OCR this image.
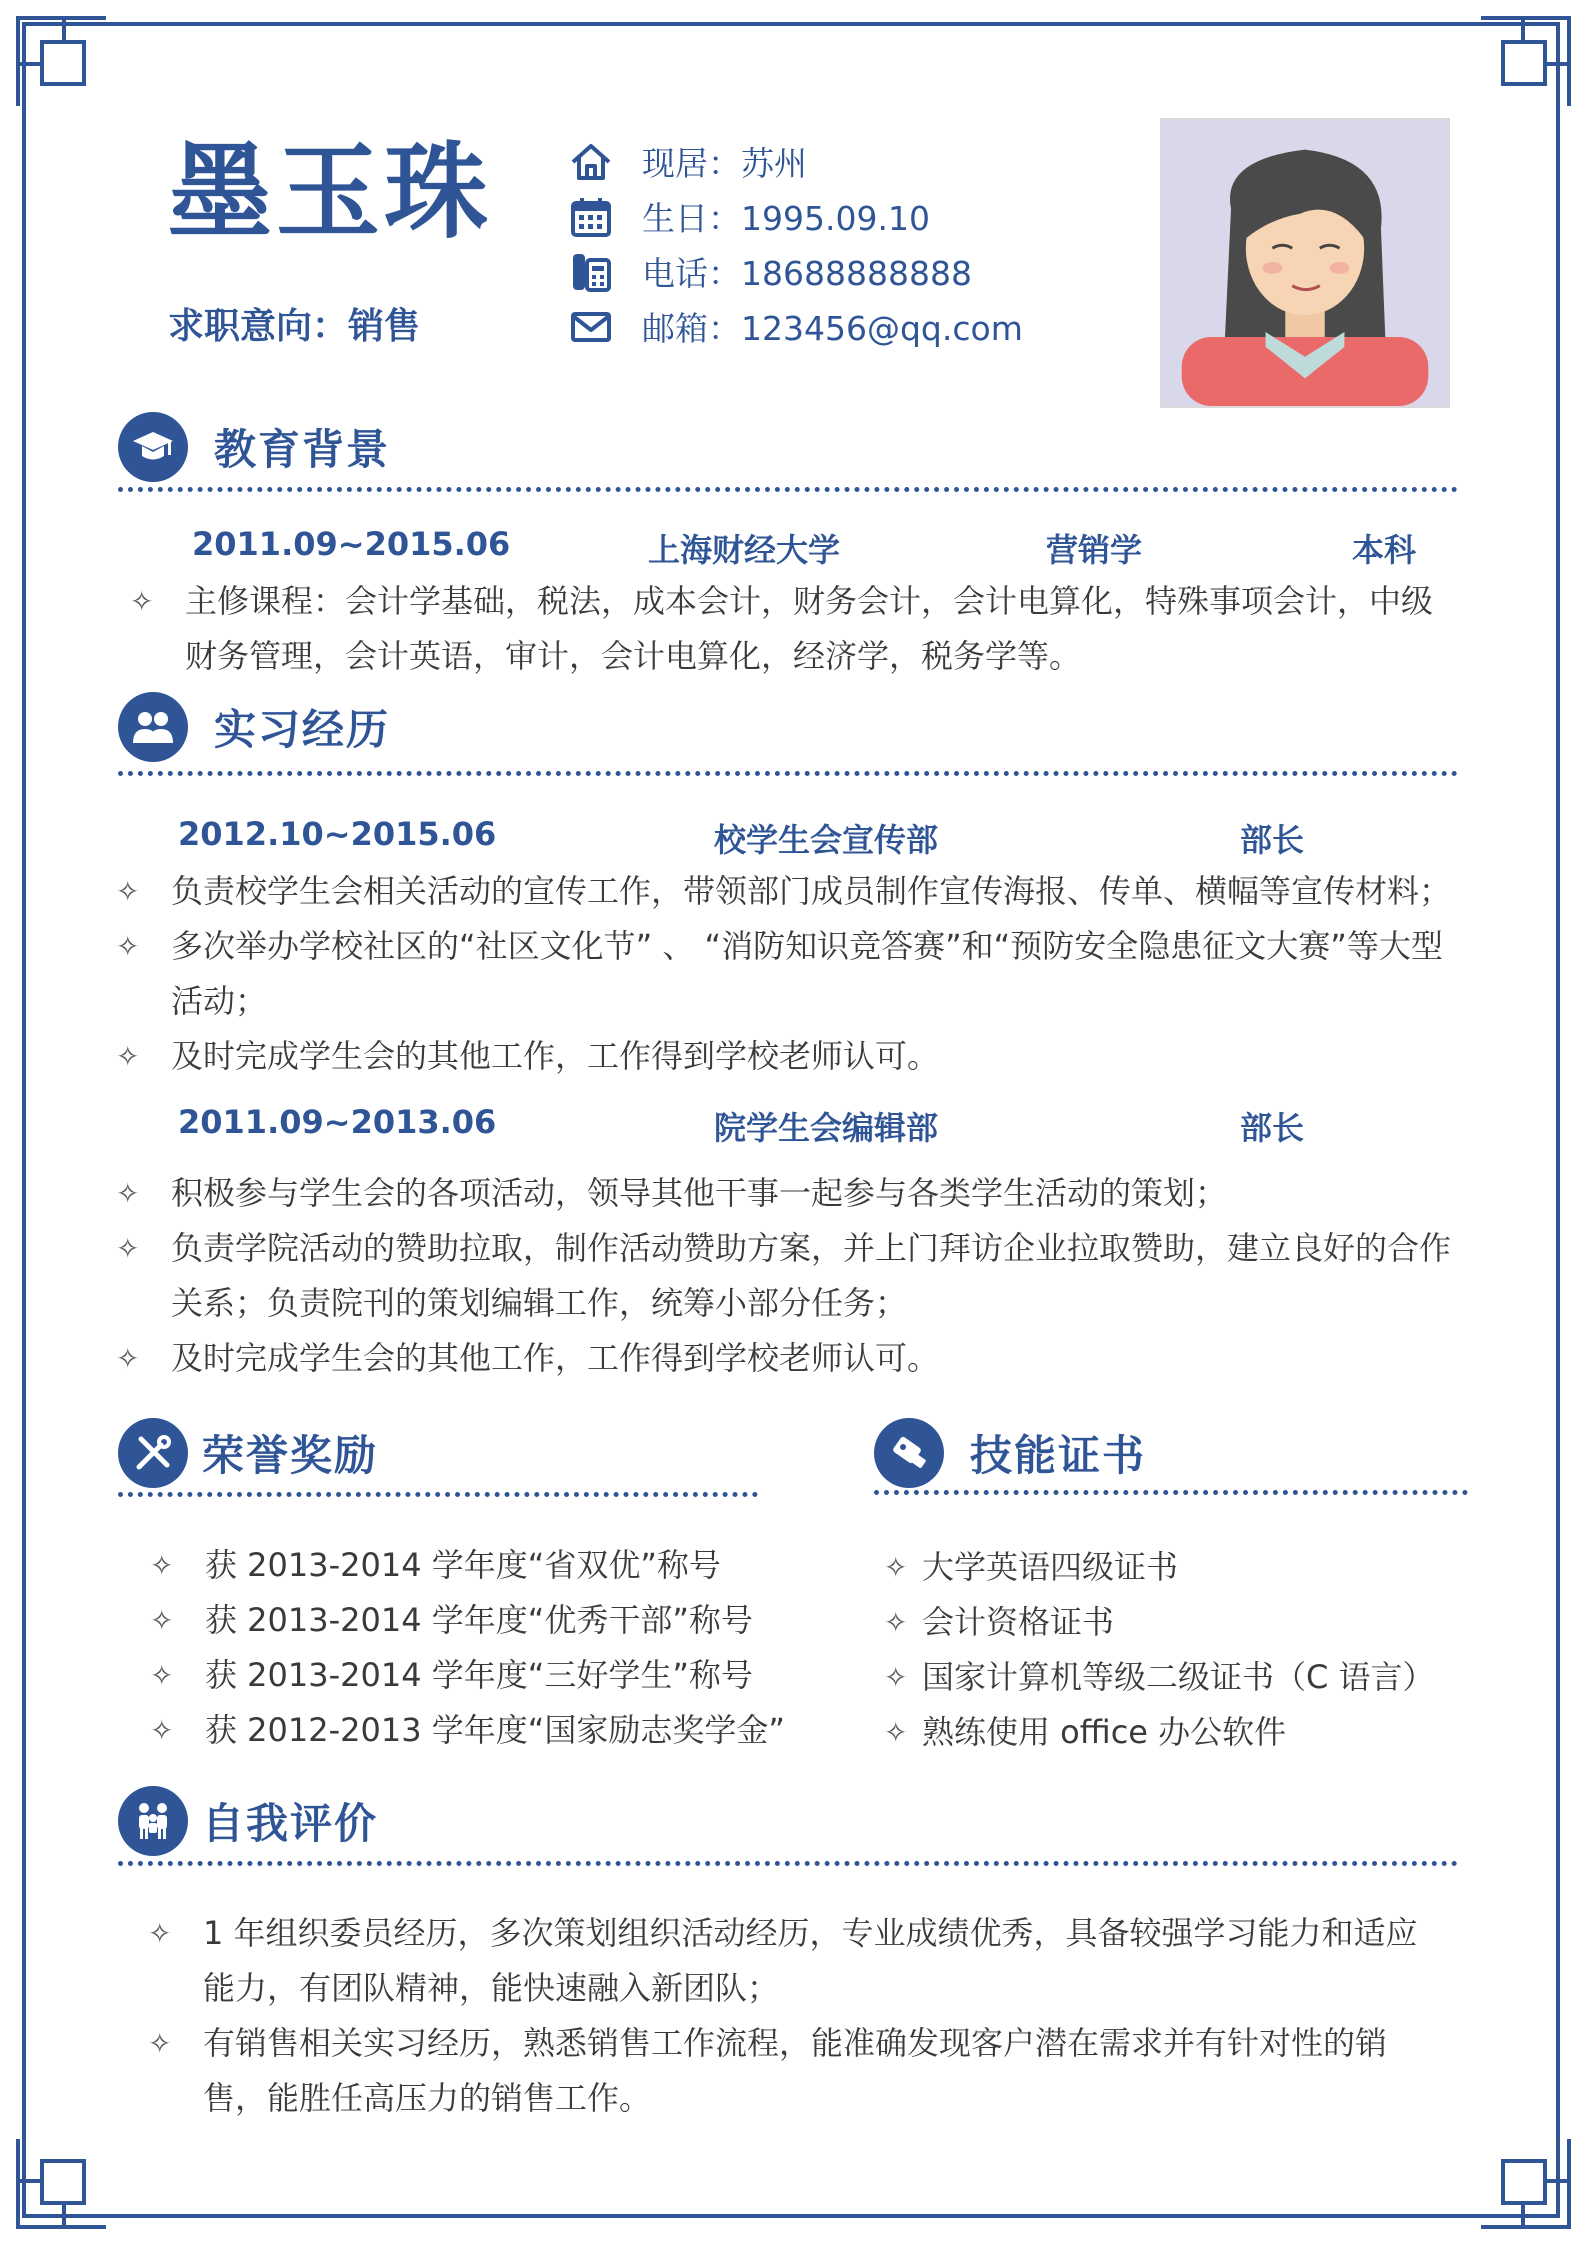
墨玉珠
求职意向：销售
现居：苏州
生日：1995.09.10
电话：18688888888
邮箱：123456@qq.com
教育背景
2011.09~2015.06	上海财经大学	营销学	本科
✧ 主修课程：会计学基础，税法，成本会计，财务会计，会计电算化，特殊事项会计，中级财务管理，会计英语，审计，会计电算化，经济学，税务学等。
实习经历
2012.10~2015.06	校学生会宣传部	部长
✧ 负责校学生会相关活动的宣传工作，带领部门成员制作宣传海报、传单、横幅等宣传材料；
✧ 多次举办学校社区的“社区文化节” 、 “消防知识竞答赛”和“预防安全隐患征文大赛”等大型活动；
✧ 及时完成学生会的其他工作，工作得到学校老师认可。
2011.09~2013.06	院学生会编辑部	部长
✧ 积极参与学生会的各项活动，领导其他干事一起参与各类学生活动的策划；
✧ 负责学院活动的赞助拉取，制作活动赞助方案，并上门拜访企业拉取赞助，建立良好的合作关系；负责院刊的策划编辑工作，统筹小部分任务；
✧ 及时完成学生会的其他工作，工作得到学校老师认可。
荣誉奖励
✧ 获 2013-2014 学年度“省双优”称号
✧ 获 2013-2014 学年度“优秀干部”称号
✧ 获 2013-2014 学年度“三好学生”称号
✧ 获 2012-2013 学年度“国家励志奖学金”
技能证书
✧ 大学英语四级证书
✧ 会计资格证书
✧ 国家计算机等级二级证书（C 语言）
✧ 熟练使用 office 办公软件
自我评价
✧ 1 年组织委员经历，多次策划组织活动经历，专业成绩优秀，具备较强学习能力和适应能力，有团队精神，能快速融入新团队；
✧ 有销售相关实习经历，熟悉销售工作流程，能准确发现客户潜在需求并有针对性的销售，能胜任高压力的销售工作。
